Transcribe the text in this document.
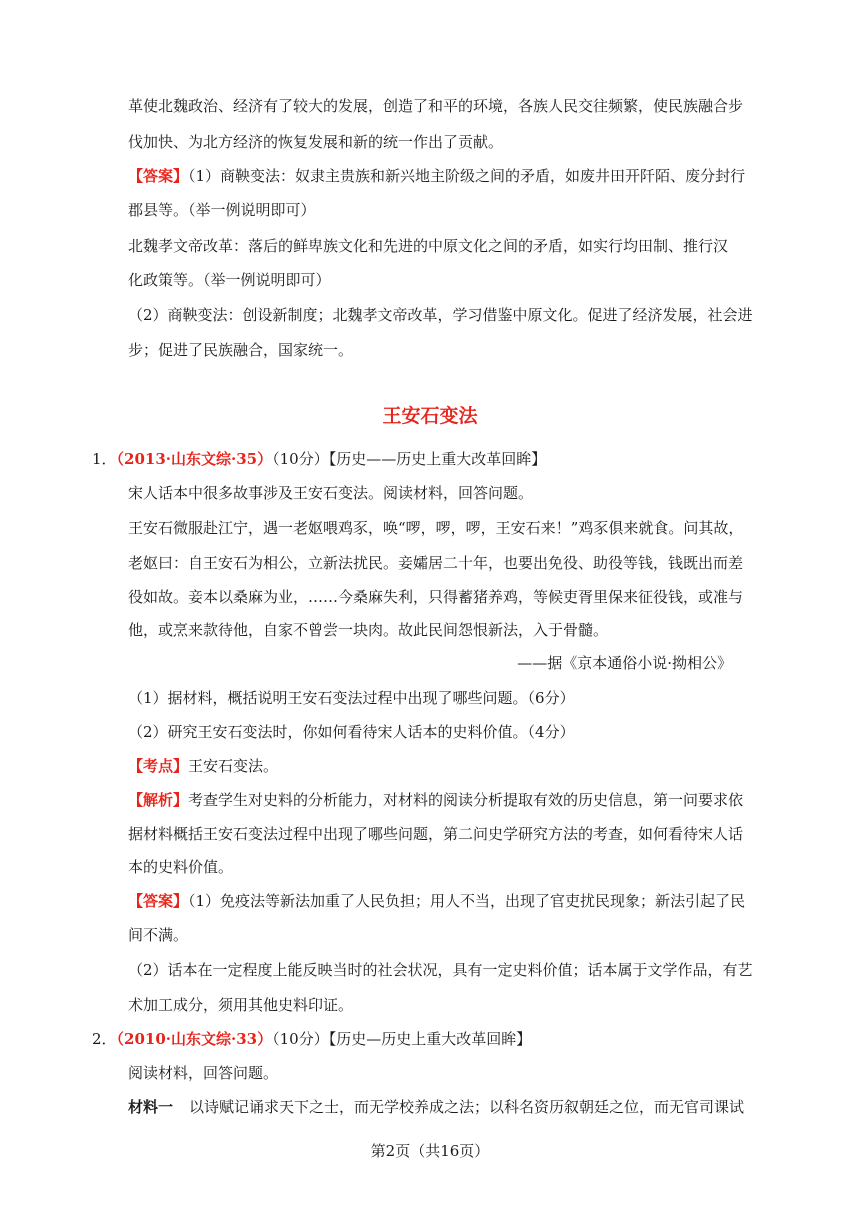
革使北魏政治、经济有了较大的发展，创造了和平的环境，各族人民交往频繁，使民族融合步
伐加快、为北方经济的恢复发展和新的统一作出了贡献。
【答案】（1）商鞅变法：奴隶主贵族和新兴地主阶级之间的矛盾，如废井田开阡陌、废分封行
郡县等。（举一例说明即可）
北魏孝文帝改革：落后的鲜卑族文化和先进的中原文化之间的矛盾，如实行均田制、推行汉
化政策等。（举一例说明即可）
（2）商鞅变法：创设新制度；北魏孝文帝改革，学习借鉴中原文化。促进了经济发展，社会进
步；促进了民族融合，国家统一。
王安石变法
1．（2013·山东文综·35）（10分）【历史——历史上重大改革回眸】
宋人话本中很多故事涉及王安石变法。阅读材料，回答问题。
王安石微服赴江宁，遇一老妪喂鸡豕，唤“啰，啰，啰，王安石来！”鸡豕俱来就食。问其故，
老妪曰：自王安石为相公，立新法扰民。妾孀居二十年，也要出免役、助役等钱，钱既出而差
役如故。妾本以桑麻为业，……今桑麻失利，只得蓄猪养鸡，等候吏胥里保来征役钱，或准与
他，或烹来款待他，自家不曾尝一块肉。故此民间怨恨新法，入于骨髓。
——据《京本通俗小说·拗相公》
（1）据材料，概括说明王安石变法过程中出现了哪些问题。（6分）
（2）研究王安石变法时，你如何看待宋人话本的史料价值。（4分）
【考点】王安石变法。
【解析】考查学生对史料的分析能力，对材料的阅读分析提取有效的历史信息，第一问要求依
据材料概括王安石变法过程中出现了哪些问题，第二问史学研究方法的考查，如何看待宋人话
本的史料价值。
【答案】（1）免疫法等新法加重了人民负担；用人不当，出现了官吏扰民现象；新法引起了民
间不满。
（2）话本在一定程度上能反映当时的社会状况，具有一定史料价值；话本属于文学作品，有艺
术加工成分，须用其他史料印证。
2．（2010·山东文综·33）（10分）【历史—历史上重大改革回眸】
阅读材料，回答问题。
材料一 以诗赋记诵求天下之士，而无学校养成之法；以科名资历叙朝廷之位，而无官司课试
第2页（共16页）
